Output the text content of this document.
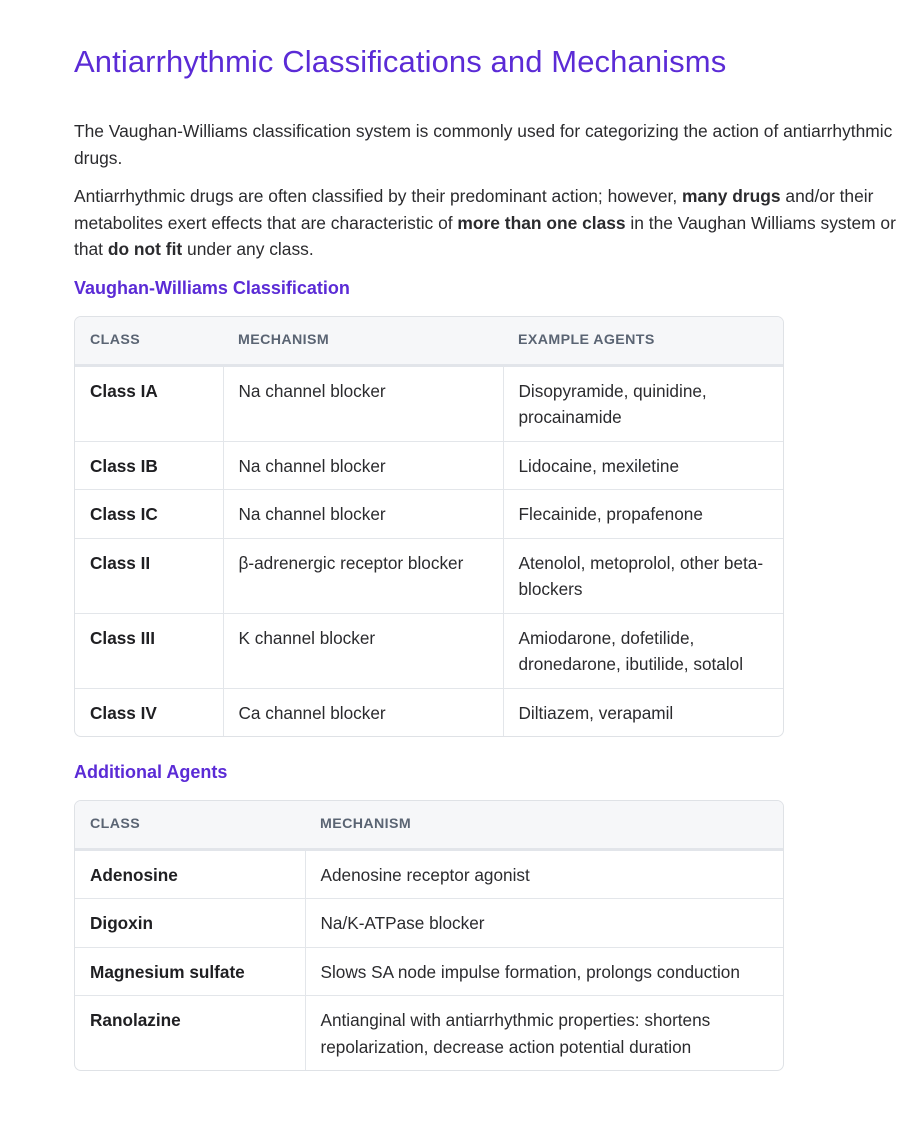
Antiarrhythmic Classifications and Mechanisms

The Vaughan-Williams classification system is commonly used for categorizing the action of antiarrhythmic drugs.

Antiarrhythmic drugs are often classified by their predominant action; however, many drugs and/or their metabolites exert effects that are characteristic of more than one class in the Vaughan Williams system or that do not fit under any class.

Vaughan-Williams Classification
CLASS	MECHANISM	EXAMPLE AGENTS
Class IA	Na channel blocker	Disopyramide, quinidine, procainamide
Class IB	Na channel blocker	Lidocaine, mexiletine
Class IC	Na channel blocker	Flecainide, propafenone
Class II	β-adrenergic receptor blocker	Atenolol, metoprolol, other beta-blockers
Class III	K channel blocker	Amiodarone, dofetilide, dronedarone, ibutilide, sotalol
Class IV	Ca channel blocker	Diltiazem, verapamil
Additional Agents
CLASS	MECHANISM
Adenosine	Adenosine receptor agonist
Digoxin	Na/K-ATPase blocker
Magnesium sulfate	Slows SA node impulse formation, prolongs conduction
Ranolazine	Antianginal with antiarrhythmic properties: shortens repolarization, decrease action potential duration
